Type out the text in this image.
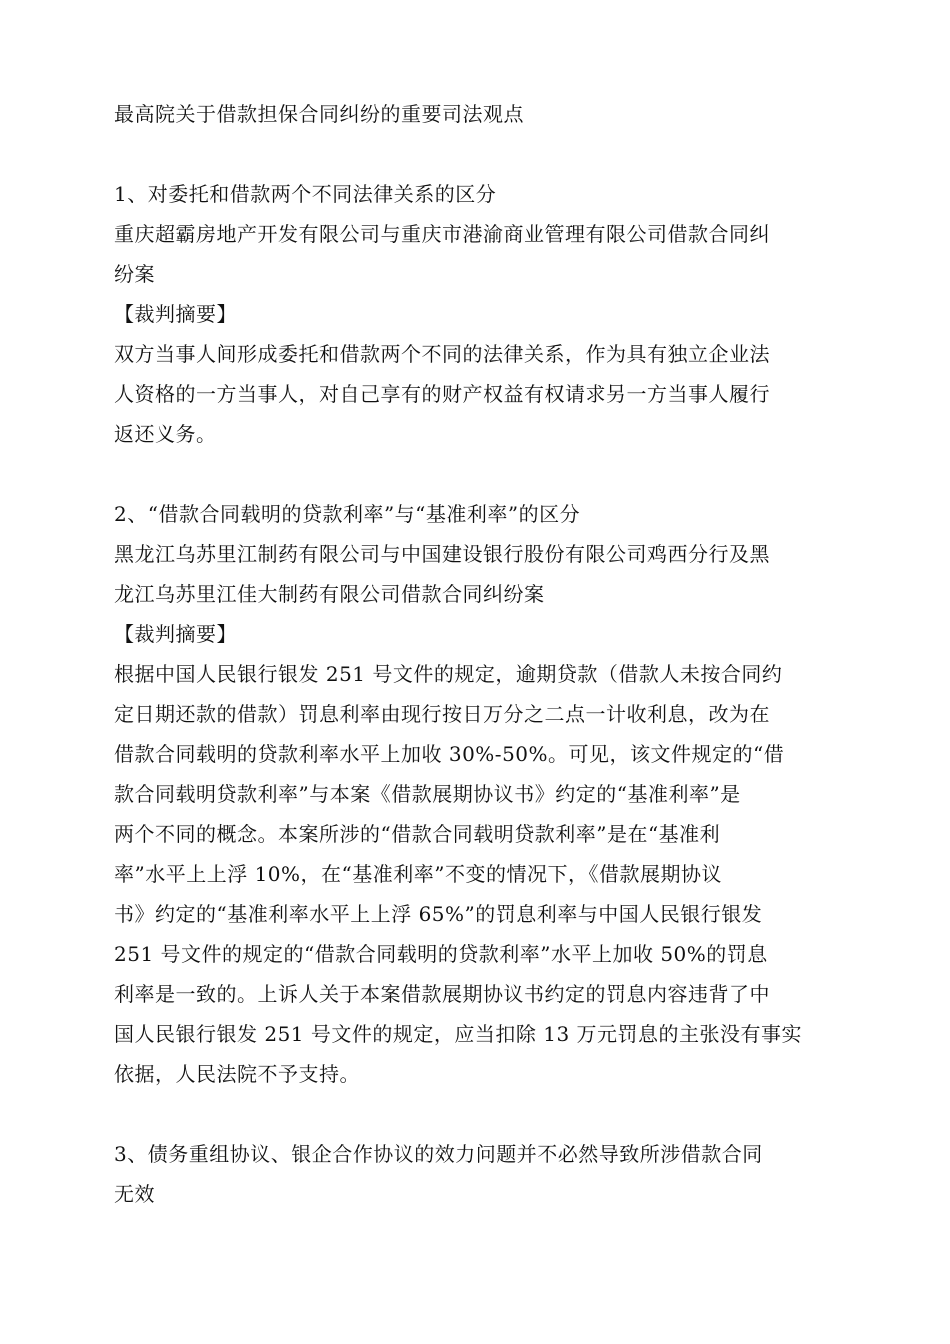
最高院关于借款担保合同纠纷的重要司法观点
1、对委托和借款两个不同法律关系的区分
重庆超霸房地产开发有限公司与重庆市港渝商业管理有限公司借款合同纠
纷案
【裁判摘要】
双方当事人间形成委托和借款两个不同的法律关系，作为具有独立企业法
人资格的一方当事人，对自己享有的财产权益有权请求另一方当事人履行
返还义务。
2、“借款合同载明的贷款利率”与“基准利率”的区分
黑龙江乌苏里江制药有限公司与中国建设银行股份有限公司鸡西分行及黑
龙江乌苏里江佳大制药有限公司借款合同纠纷案
【裁判摘要】
根据中国人民银行银发 251 号文件的规定，逾期贷款（借款人未按合同约
定日期还款的借款）罚息利率由现行按日万分之二点一计收利息，改为在
借款合同载明的贷款利率水平上加收 30%-50%。可见，该文件规定的“借
款合同载明贷款利率”与本案《借款展期协议书》约定的“基准利率”是
两个不同的概念。本案所涉的“借款合同载明贷款利率”是在“基准利
率”水平上上浮 10%，在“基准利率”不变的情况下，《借款展期协议
书》约定的“基准利率水平上上浮 65%”的罚息利率与中国人民银行银发
251 号文件的规定的“借款合同载明的贷款利率”水平上加收 50%的罚息
利率是一致的。上诉人关于本案借款展期协议书约定的罚息内容违背了中
国人民银行银发 251 号文件的规定，应当扣除 13 万元罚息的主张没有事实
依据，人民法院不予支持。
3、债务重组协议、银企合作协议的效力问题并不必然导致所涉借款合同
无效
